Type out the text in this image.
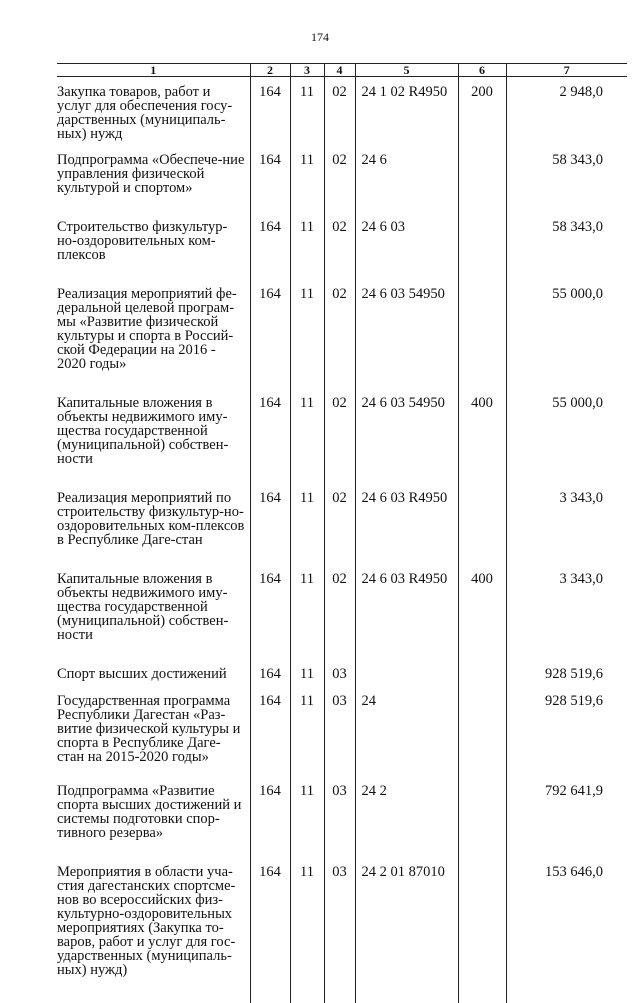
174
1	2	3	4	5	6	7
Закупка товаров, работ и услуг для обеспечения госу-дарственных (муниципаль-ных) нужд	164	11	02	24 1 02 R4950	200	2 948,0
Подпрограмма «Обеспече-ние управления физической культурой и спортом»	164	11	02	24 6		58 343,0
Строительство физкультур-но-оздоровительных ком-плексов	164	11	02	24 6 03		58 343,0
Реализация мероприятий фе-деральной целевой програм-мы «Развитие физической культуры и спорта в Россий-ской Федерации на 2016 - 2020 годы»	164	11	02	24 6 03 54950		55 000,0
Капитальные вложения в объекты недвижимого иму-щества государственной (муниципальной) собствен-ности	164	11	02	24 6 03 54950	400	55 000,0
Реализация мероприятий по строительству физкультур-но-оздоровительных ком-плексов в Республике Даге-стан	164	11	02	24 6 03 R4950		3 343,0
Капитальные вложения в объекты недвижимого иму-щества государственной (муниципальной) собствен-ности	164	11	02	24 6 03 R4950	400	3 343,0
Спорт высших достижений	164	11	03			928 519,6
Государственная программа Республики Дагестан «Раз-витие физической культуры и спорта в Республике Даге-стан на 2015-2020 годы»	164	11	03	24		928 519,6
Подпрограмма «Развитие спорта высших достижений и системы подготовки спор-тивного резерва»	164	11	03	24 2		792 641,9
Мероприятия в области уча-стия дагестанских спортсме-нов во всероссийских физ-культурно-оздоровительных мероприятиях (Закупка то-варов, работ и услуг для гос-ударственных (муниципаль-ных) нужд)	164	11	03	24 2 01 87010		153 646,0
